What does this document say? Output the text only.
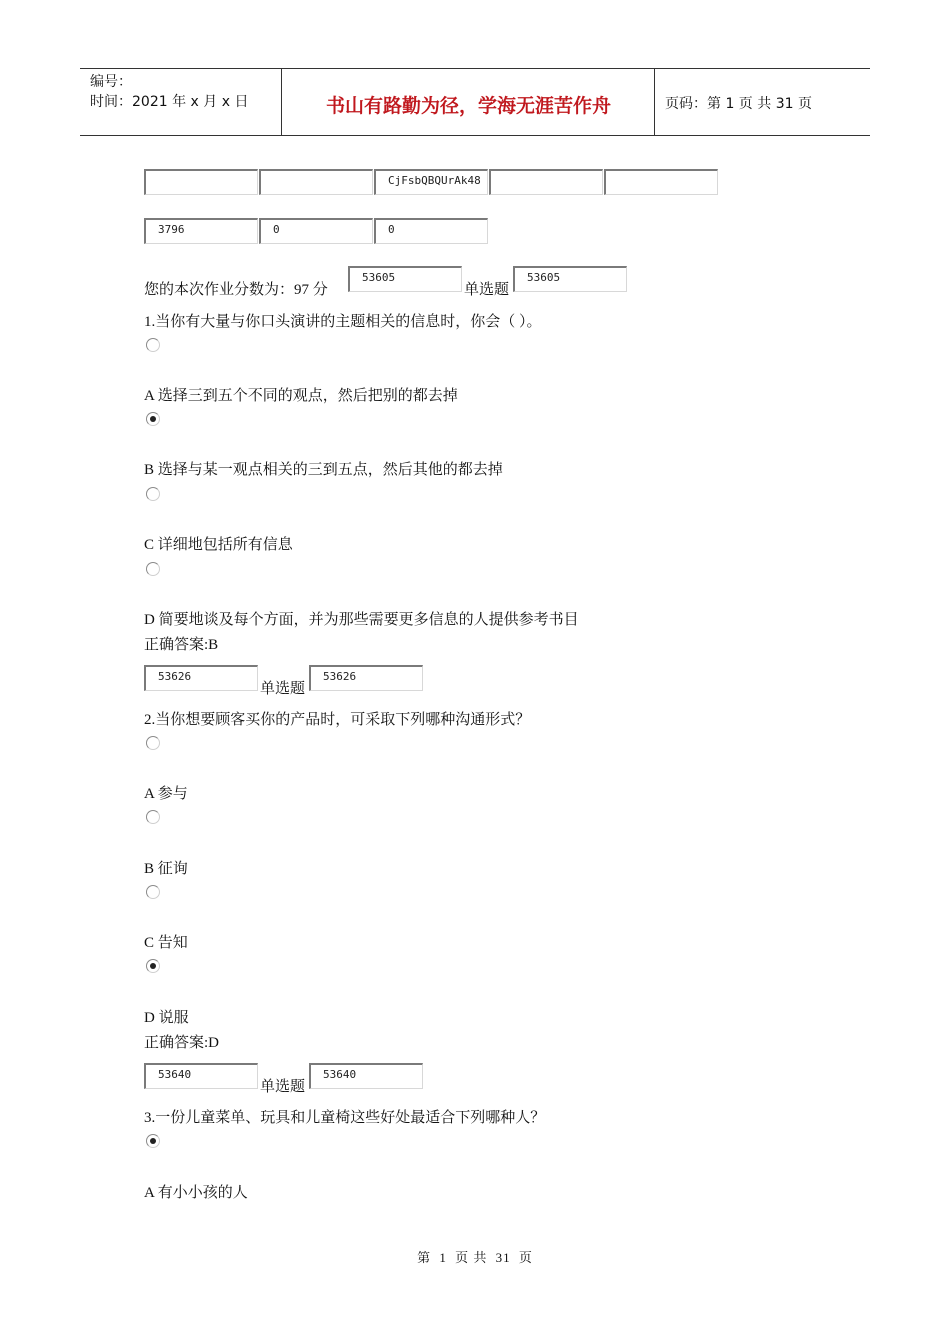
编号：
时间：2021 年 x 月 x 日	书山有路勤为径，学海无涯苦作舟	页码：第 1 页 共 31 页
CjFsbQBQUrAk48
3796	0	0
您的本次作业分数为：97 分
53605
单选题
53605
1.当你有大量与你口头演讲的主题相关的信息时，你会（ ）。
A 选择三到五个不同的观点，然后把别的都去掉
B 选择与某一观点相关的三到五点，然后其他的都去掉
C 详细地包括所有信息
D 简要地谈及每个方面，并为那些需要更多信息的人提供参考书目
正确答案:B
53626
单选题
53626
2.当你想要顾客买你的产品时，可采取下列哪种沟通形式？
A 参与
B 征询
C 告知
D 说服
正确答案:D
53640
单选题
53640
3.一份儿童菜单、玩具和儿童椅这些好处最适合下列哪种人？
A 有小小孩的人
第 1 页 共 31 页
